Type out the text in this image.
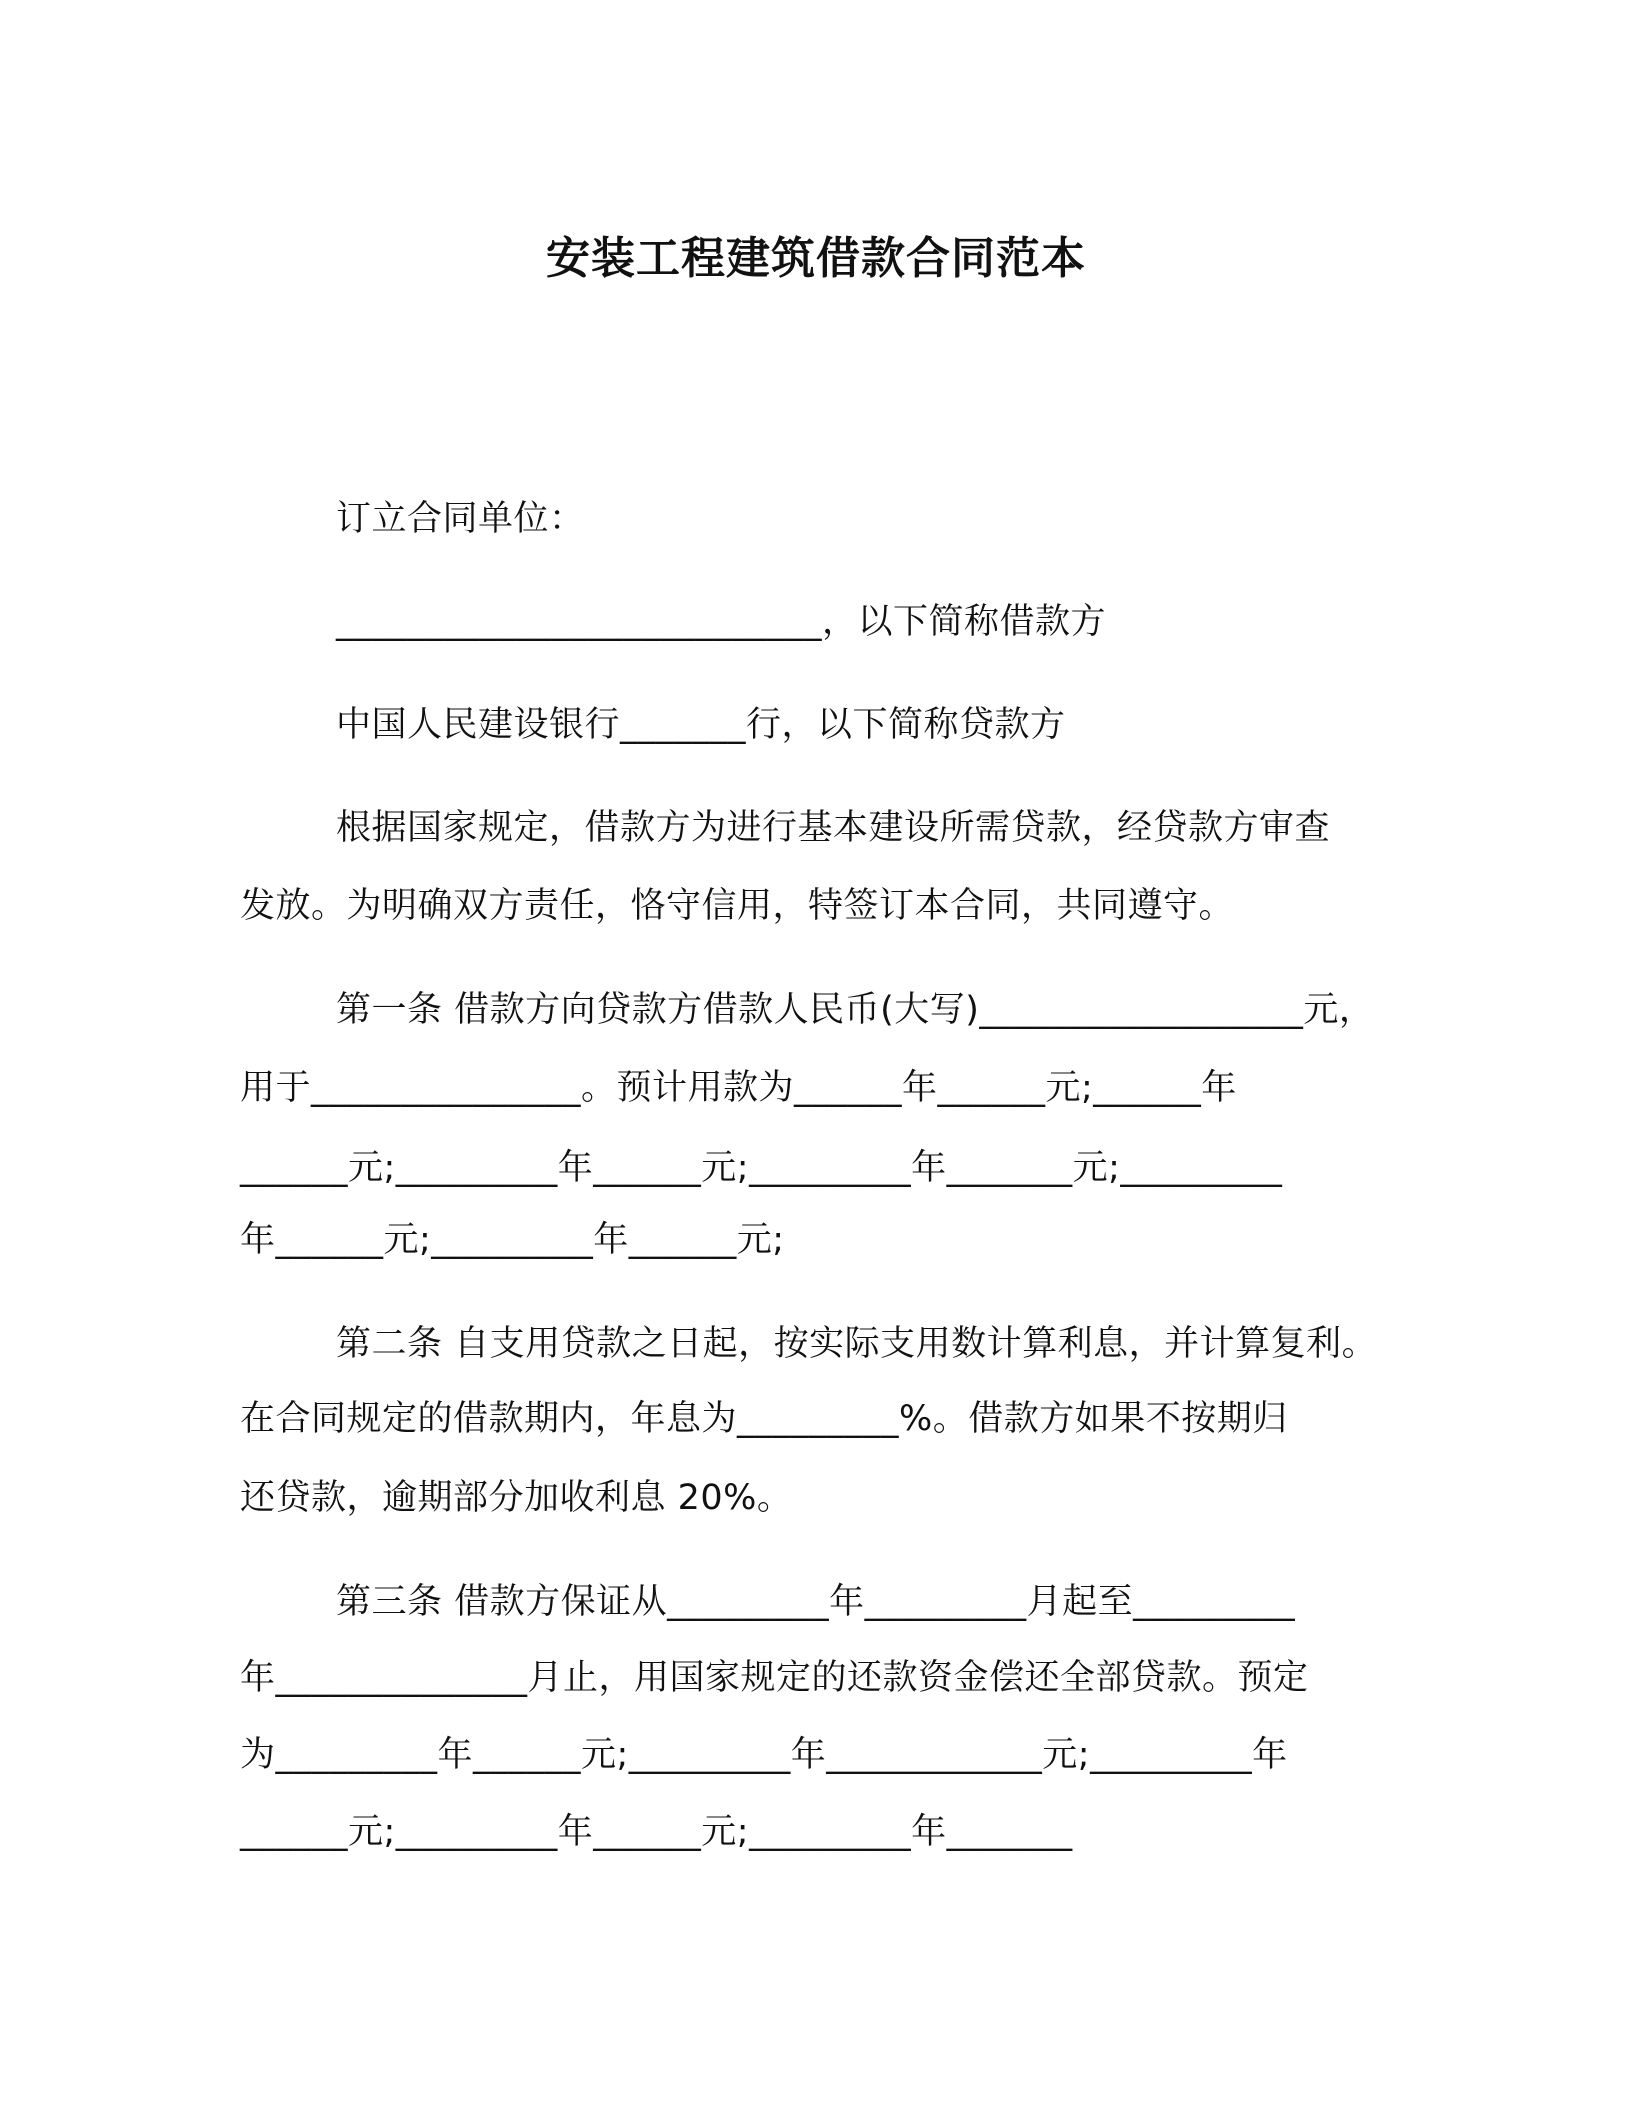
安装工程建筑借款合同范本
订立合同单位：
___________________________，以下简称借款方
中国人民建设银行_______行，以下简称贷款方
根据国家规定，借款方为进行基本建设所需贷款，经贷款方审查
发放。为明确双方责任，恪守信用，特签订本合同，共同遵守。
第一条 借款方向贷款方借款人民币(大写)__________________元，
用于_______________。预计用款为______年______元;______年
______元;_________年______元;_________年_______元;_________
年______元;_________年______元;
第二条 自支用贷款之日起，按实际支用数计算利息，并计算复利。
在合同规定的借款期内，年息为_________%。借款方如果不按期归
还贷款，逾期部分加收利息 20%。
第三条 借款方保证从_________年_________月起至_________
年______________月止，用国家规定的还款资金偿还全部贷款。预定
为_________年______元;_________年____________元;_________年
______元;_________年______元;_________年_______
